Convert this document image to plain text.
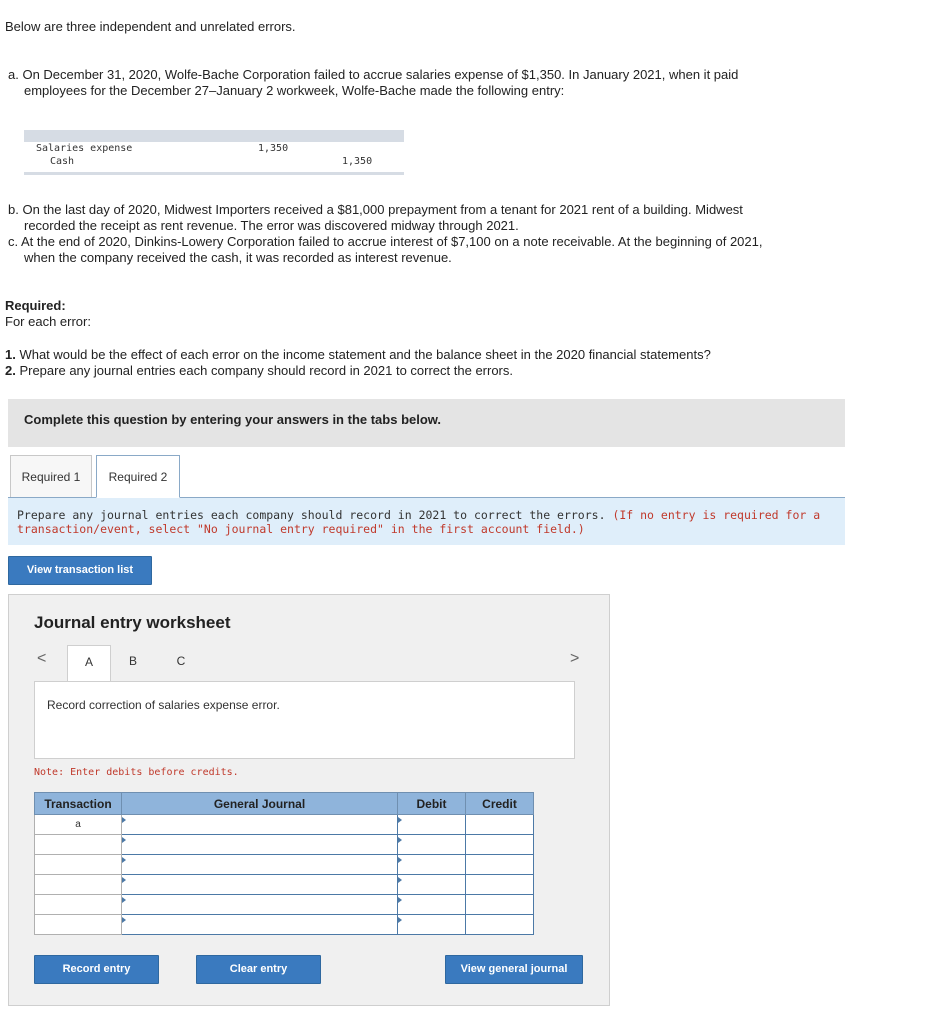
Below are three independent and unrelated errors.
a. On December 31, 2020, Wolfe-Bache Corporation failed to accrue salaries expense of $1,350. In January 2021, when it paid
employees for the December 27–January 2 workweek, Wolfe-Bache made the following entry:
Salaries expense	1,350
Cash	1,350
b. On the last day of 2020, Midwest Importers received a $81,000 prepayment from a tenant for 2021 rent of a building. Midwest
recorded the receipt as rent revenue. The error was discovered midway through 2021.
c. At the end of 2020, Dinkins-Lowery Corporation failed to accrue interest of $7,100 on a note receivable. At the beginning of 2021,
when the company received the cash, it was recorded as interest revenue.
Required:
For each error:
1. What would be the effect of each error on the income statement and the balance sheet in the 2020 financial statements?
2. Prepare any journal entries each company should record in 2021 to correct the errors.
Complete this question by entering your answers in the tabs below.
Required 1	Required 2
Prepare any journal entries each company should record in 2021 to correct the errors. (If no entry is required for a transaction/event, select "No journal entry required" in the first account field.)
View transaction list
Journal entry worksheet
<	>
A	B	C
Record correction of salaries expense error.
Note: Enter debits before credits.
Transaction	General Journal	Debit	Credit
a	

Record entry	Clear entry	View general journal
